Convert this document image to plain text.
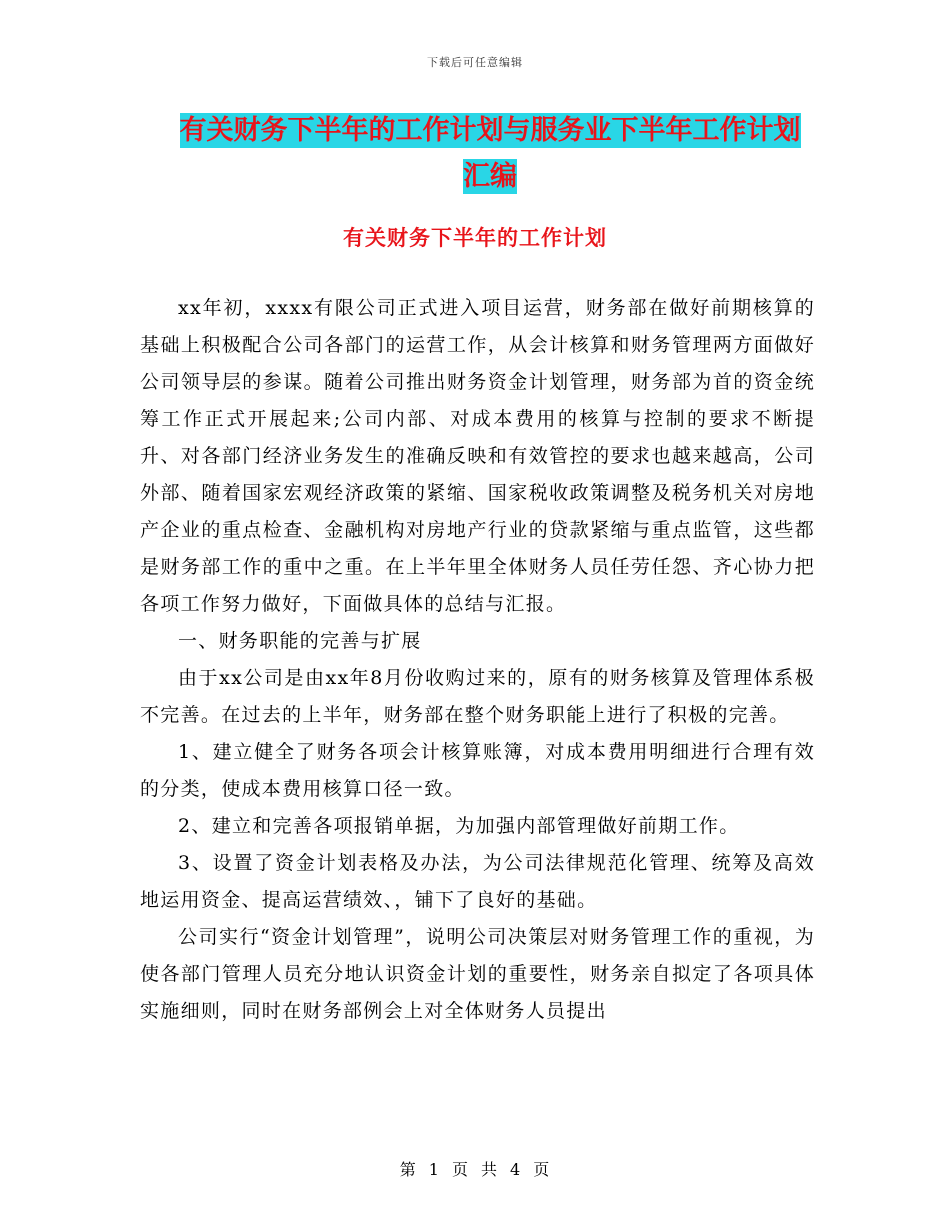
下载后可任意编辑
有关财务下半年的工作计划与服务业下半年工作计划
汇编
有关财务下半年的工作计划

xx年初，xxxx有限公司正式进入项目运营，财务部在做好前期核算的基础上积极配合公司各部门的运营工作，从会计核算和财务管理两方面做好公司领导层的参谋。随着公司推出财务资金计划管理，财务部为首的资金统筹工作正式开展起来;公司内部、对成本费用的核算与控制的要求不断提升、对各部门经济业务发生的准确反映和有效管控的要求也越来越高，公司外部、随着国家宏观经济政策的紧缩、国家税收政策调整及税务机关对房地产企业的重点检查、金融机构对房地产行业的贷款紧缩与重点监管，这些都是财务部工作的重中之重。在上半年里全体财务人员任劳任怨、齐心协力把各项工作努力做好，下面做具体的总结与汇报。

一、财务职能的完善与扩展

由于xx公司是由xx年8月份收购过来的，原有的财务核算及管理体系极不完善。在过去的上半年，财务部在整个财务职能上进行了积极的完善。

1、建立健全了财务各项会计核算账簿，对成本费用明细进行合理有效的分类，使成本费用核算口径一致。

2、建立和完善各项报销单据，为加强内部管理做好前期工作。

3、设置了资金计划表格及办法，为公司法律规范化管理、统筹及高效地运用资金、提高运营绩效、，铺下了良好的基础。

公司实行“资金计划管理”，说明公司决策层对财务管理工作的重视，为使各部门管理人员充分地认识资金计划的重要性，财务亲自拟定了各项具体实施细则，同时在财务部例会上对全体财务人员提出

第 1 页 共 4 页
